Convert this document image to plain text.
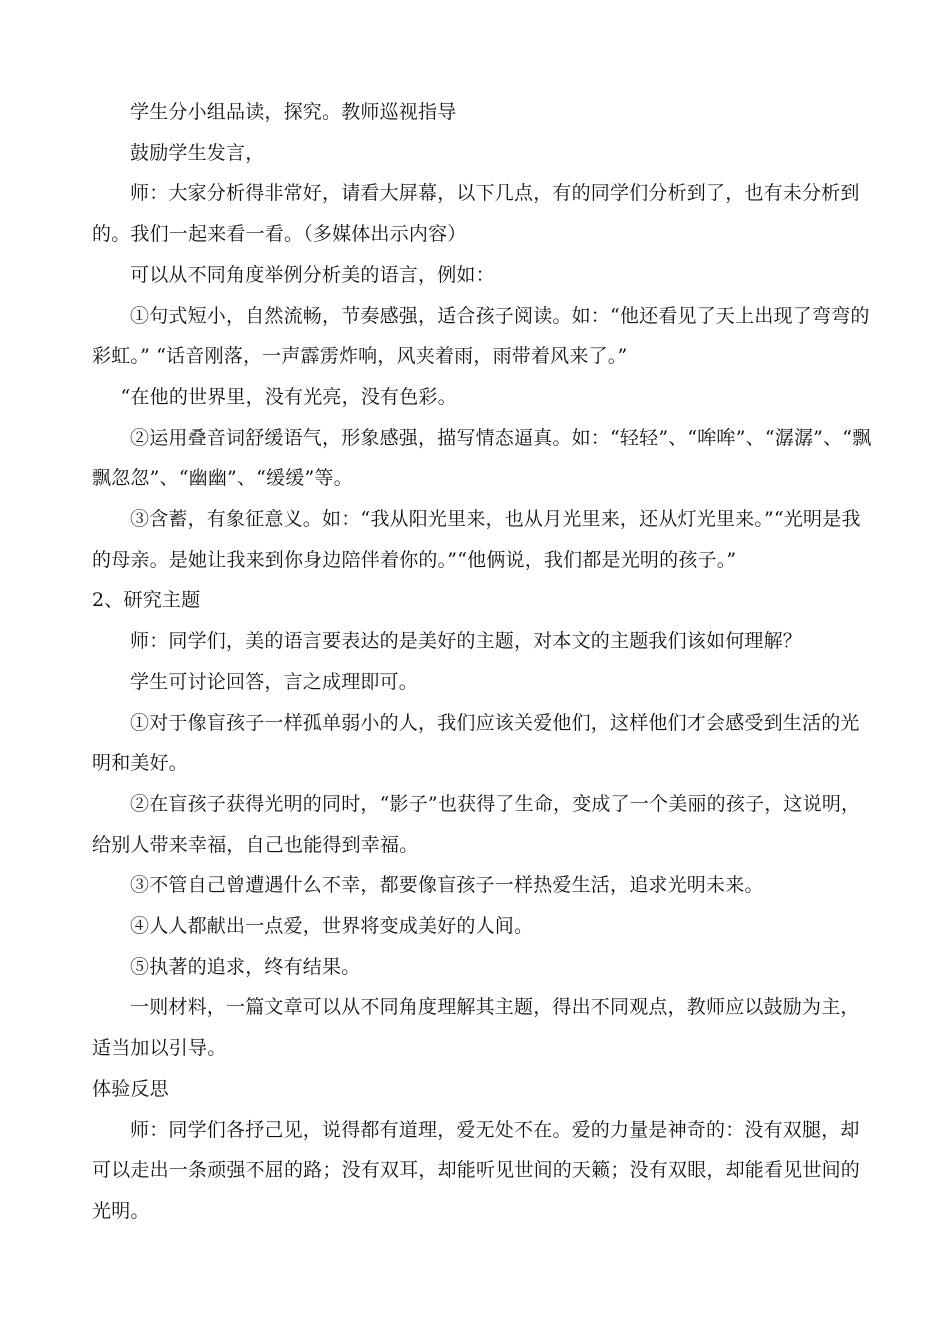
学生分小组品读，探究。教师巡视指导

鼓励学生发言，

师：大家分析得非常好，请看大屏幕，以下几点，有的同学们分析到了，也有未分析到的。我们一起来看一看。（多媒体出示内容）

可以从不同角度举例分析美的语言，例如：

①句式短小，自然流畅，节奏感强，适合孩子阅读。如：“他还看见了天上出现了弯弯的彩虹。” “话音刚落，一声霹雳炸响，风夹着雨，雨带着风来了。”

“在他的世界里，没有光亮，没有色彩。

②运用叠音词舒缓语气，形象感强，描写情态逼真。如：“轻轻”、“哞哞”、“潺潺”、“飘飘忽忽”、“幽幽”、“缓缓”等。

③含蓄，有象征意义。如：“我从阳光里来，也从月光里来，还从灯光里来。”“光明是我的母亲。是她让我来到你身边陪伴着你的。”“他俩说，我们都是光明的孩子。”

2、研究主题

师：同学们，美的语言要表达的是美好的主题，对本文的主题我们该如何理解？

学生可讨论回答，言之成理即可。

①对于像盲孩子一样孤单弱小的人，我们应该关爱他们，这样他们才会感受到生活的光明和美好。

②在盲孩子获得光明的同时，“影子”也获得了生命，变成了一个美丽的孩子，这说明，给别人带来幸福，自己也能得到幸福。

③不管自己曾遭遇什么不幸，都要像盲孩子一样热爱生活，追求光明未来。

④人人都献出一点爱，世界将变成美好的人间。

⑤执著的追求，终有结果。

一则材料，一篇文章可以从不同角度理解其主题，得出不同观点，教师应以鼓励为主，适当加以引导。

体验反思

师：同学们各抒己见，说得都有道理，爱无处不在。爱的力量是神奇的：没有双腿，却可以走出一条顽强不屈的路；没有双耳，却能听见世间的天籁；没有双眼，却能看见世间的光明。
